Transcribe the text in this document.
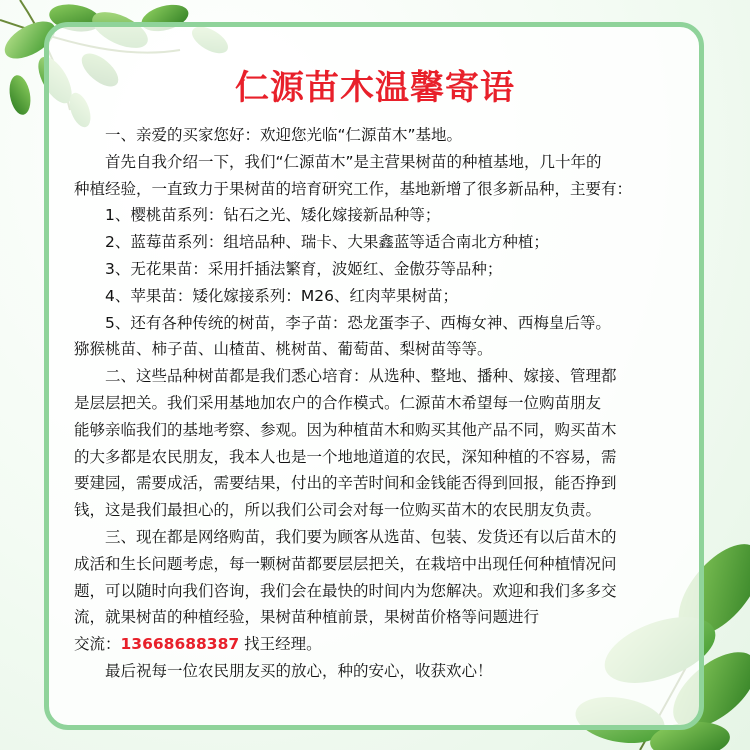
仁源苗木温馨寄语
一、亲爱的买家您好：欢迎您光临“仁源苗木”基地。
首先自我介绍一下，我们“仁源苗木”是主营果树苗的种植基地，几十年的
种植经验，一直致力于果树苗的培育研究工作，基地新增了很多新品种，主要有：
1、樱桃苗系列：钻石之光、矮化嫁接新品种等；
2、蓝莓苗系列：组培品种、瑞卡、大果鑫蓝等适合南北方种植；
3、无花果苗：采用扦插法繁育，波姬红、金傲芬等品种；
4、苹果苗：矮化嫁接系列：M26、红肉苹果树苗；
5、还有各种传统的树苗，李子苗：恐龙蛋李子、西梅女神、西梅皇后等。
猕猴桃苗、柿子苗、山楂苗、桃树苗、葡萄苗、梨树苗等等。
二、这些品种树苗都是我们悉心培育：从选种、整地、播种、嫁接、管理都
是层层把关。我们采用基地加农户的合作模式。仁源苗木希望每一位购苗朋友
能够亲临我们的基地考察、参观。因为种植苗木和购买其他产品不同，购买苗木
的大多都是农民朋友，我本人也是一个地地道道的农民，深知种植的不容易，需
要建园，需要成活，需要结果，付出的辛苦时间和金钱能否得到回报，能否挣到
钱，这是我们最担心的，所以我们公司会对每一位购买苗木的农民朋友负责。
三、现在都是网络购苗，我们要为顾客从选苗、包装、发货还有以后苗木的
成活和生长问题考虑，每一颗树苗都要层层把关，在栽培中出现任何种植情况问
题，可以随时向我们咨询，我们会在最快的时间内为您解决。欢迎和我们多多交
流，就果树苗的种植经验，果树苗种植前景，果树苗价格等问题进行
交流：13668688387 找王经理。
最后祝每一位农民朋友买的放心，种的安心，收获欢心！
